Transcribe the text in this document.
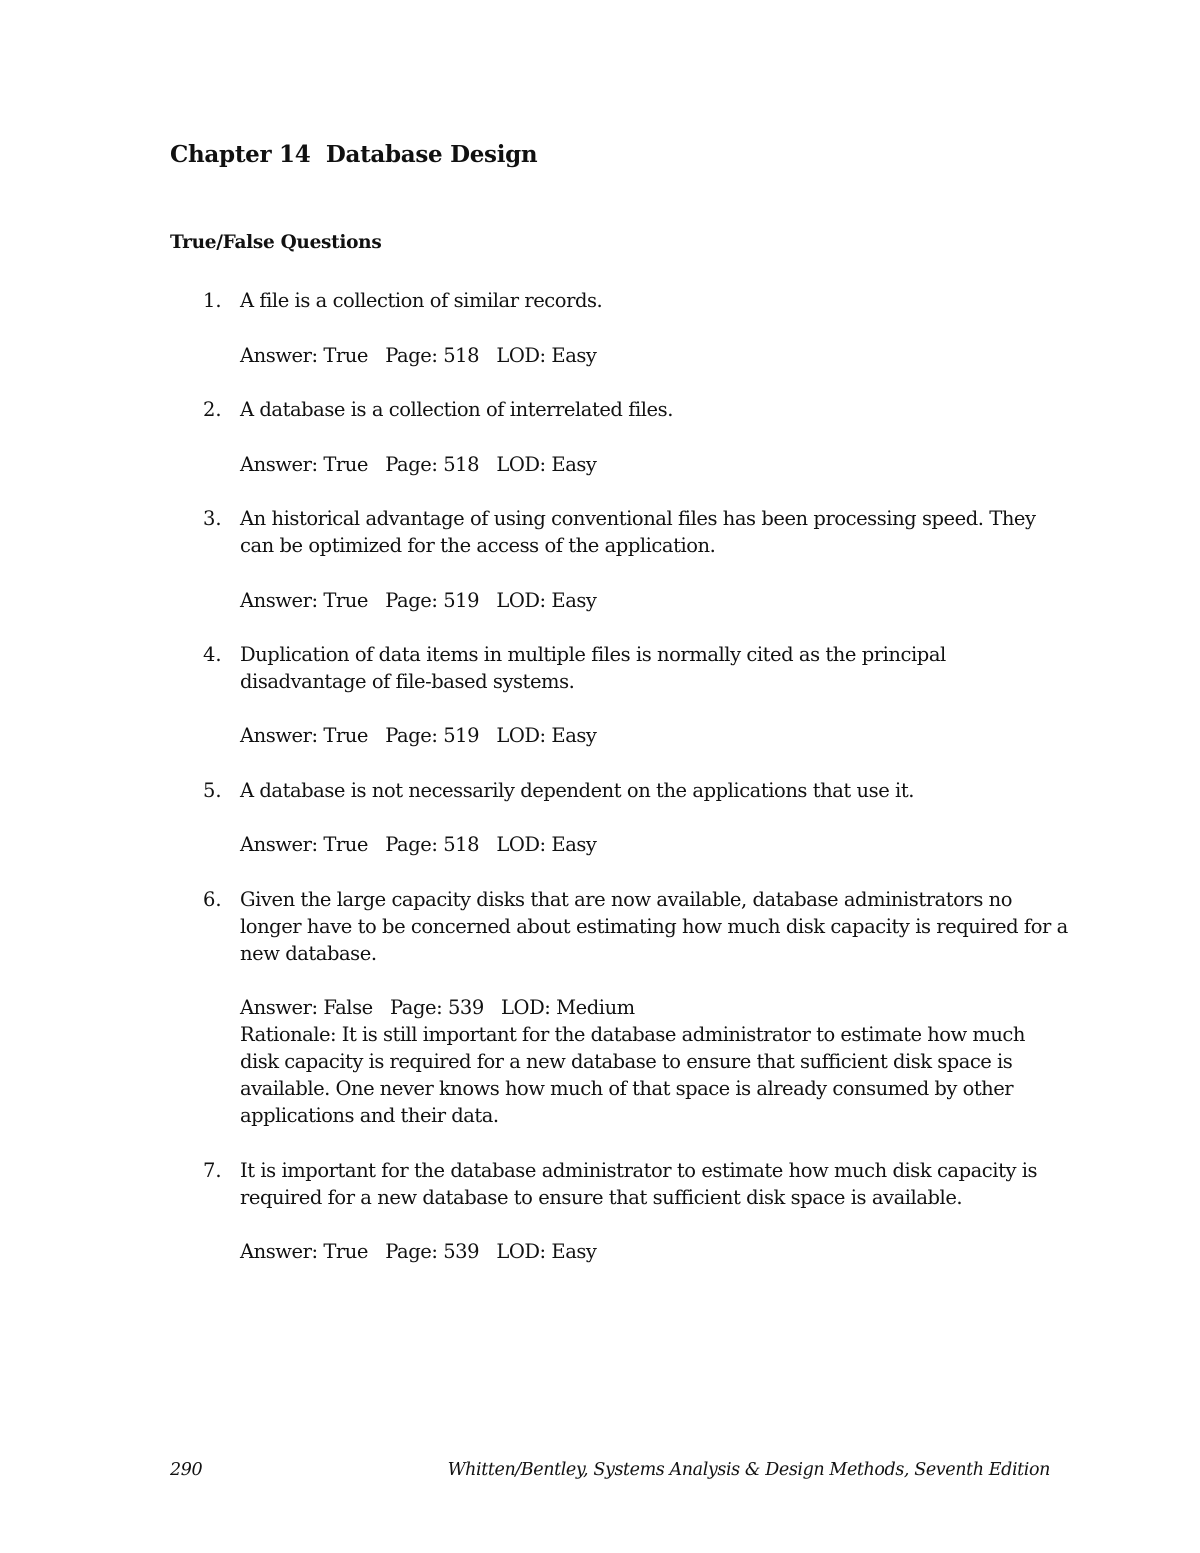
Chapter 14  Database Design
True/False Questions
1. A file is a collection of similar records.

Answer: True   Page: 518   LOD: Easy

2. A database is a collection of interrelated files.

Answer: True   Page: 518   LOD: Easy

3. An historical advantage of using conventional files has been processing speed. They can be optimized for the access of the application.

Answer: True   Page: 519   LOD: Easy

4. Duplication of data items in multiple files is normally cited as the principal disadvantage of file-based systems.

Answer: True   Page: 519   LOD: Easy

5. A database is not necessarily dependent on the applications that use it.

Answer: True   Page: 518   LOD: Easy

6. Given the large capacity disks that are now available, database administrators no longer have to be concerned about estimating how much disk capacity is required for a new database.

Answer: False   Page: 539   LOD: Medium

Rationale: It is still important for the database administrator to estimate how much disk capacity is required for a new database to ensure that sufficient disk space is available. One never knows how much of that space is already consumed by other applications and their data.

7. It is important for the database administrator to estimate how much disk capacity is required for a new database to ensure that sufficient disk space is available.

Answer: True   Page: 539   LOD: Easy

290	Whitten/Bentley, Systems Analysis & Design Methods, Seventh Edition
